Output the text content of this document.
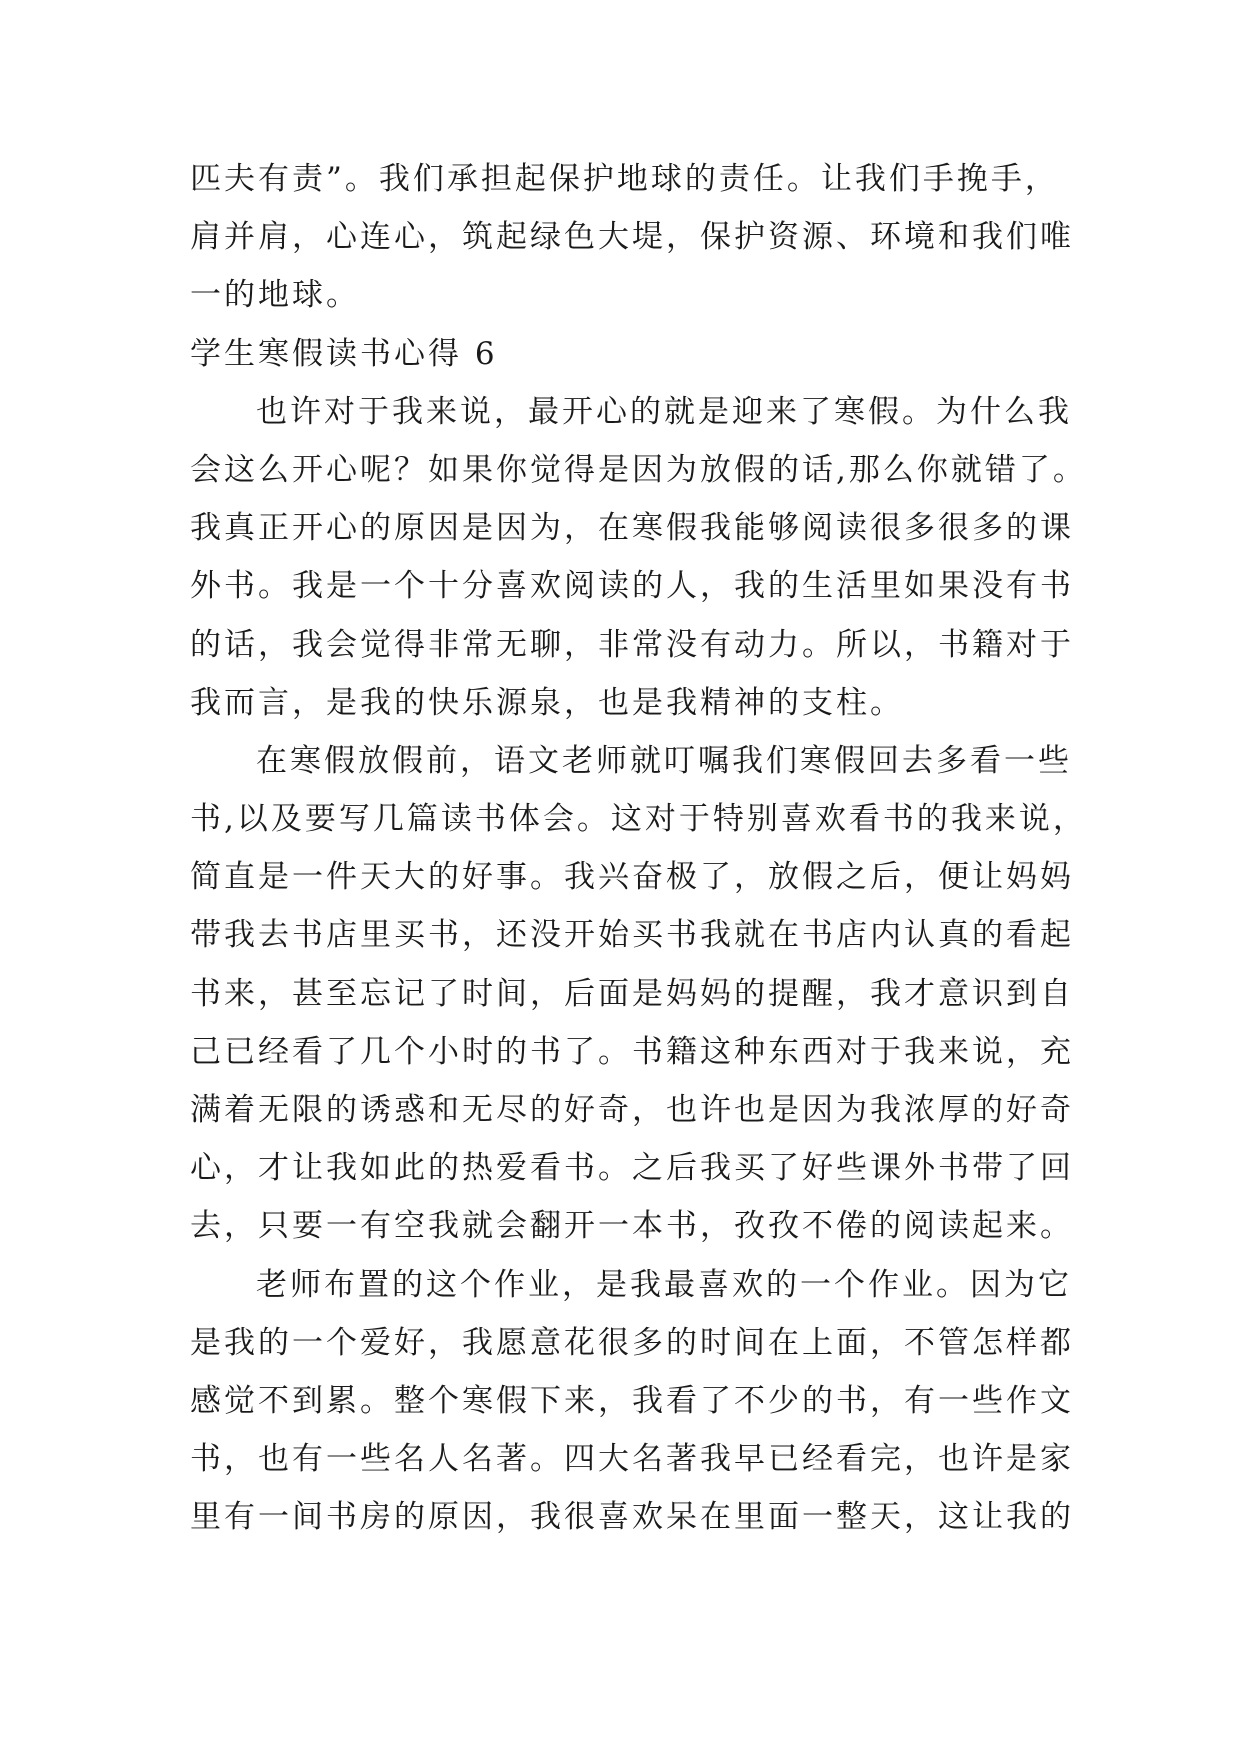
匹夫有责”。我们承担起保护地球的责任。让我们手挽手，
肩并肩，心连心，筑起绿色大堤，保护资源、环境和我们唯
一的地球。
学生寒假读书心得 6
也许对于我来说，最开心的就是迎来了寒假。为什么我
会这么开心呢？如果你觉得是因为放假的话,那么你就错了。
我真正开心的原因是因为，在寒假我能够阅读很多很多的课
外书。我是一个十分喜欢阅读的人，我的生活里如果没有书
的话，我会觉得非常无聊，非常没有动力。所以，书籍对于
我而言，是我的快乐源泉，也是我精神的支柱。
在寒假放假前，语文老师就叮嘱我们寒假回去多看一些
书,以及要写几篇读书体会。这对于特别喜欢看书的我来说，
简直是一件天大的好事。我兴奋极了，放假之后，便让妈妈
带我去书店里买书，还没开始买书我就在书店内认真的看起
书来，甚至忘记了时间，后面是妈妈的提醒，我才意识到自
己已经看了几个小时的书了。书籍这种东西对于我来说，充
满着无限的诱惑和无尽的好奇，也许也是因为我浓厚的好奇
心，才让我如此的热爱看书。之后我买了好些课外书带了回
去，只要一有空我就会翻开一本书，孜孜不倦的阅读起来。
老师布置的这个作业，是我最喜欢的一个作业。因为它
是我的一个爱好，我愿意花很多的时间在上面，不管怎样都
感觉不到累。整个寒假下来，我看了不少的书，有一些作文
书，也有一些名人名著。四大名著我早已经看完，也许是家
里有一间书房的原因，我很喜欢呆在里面一整天，这让我的
